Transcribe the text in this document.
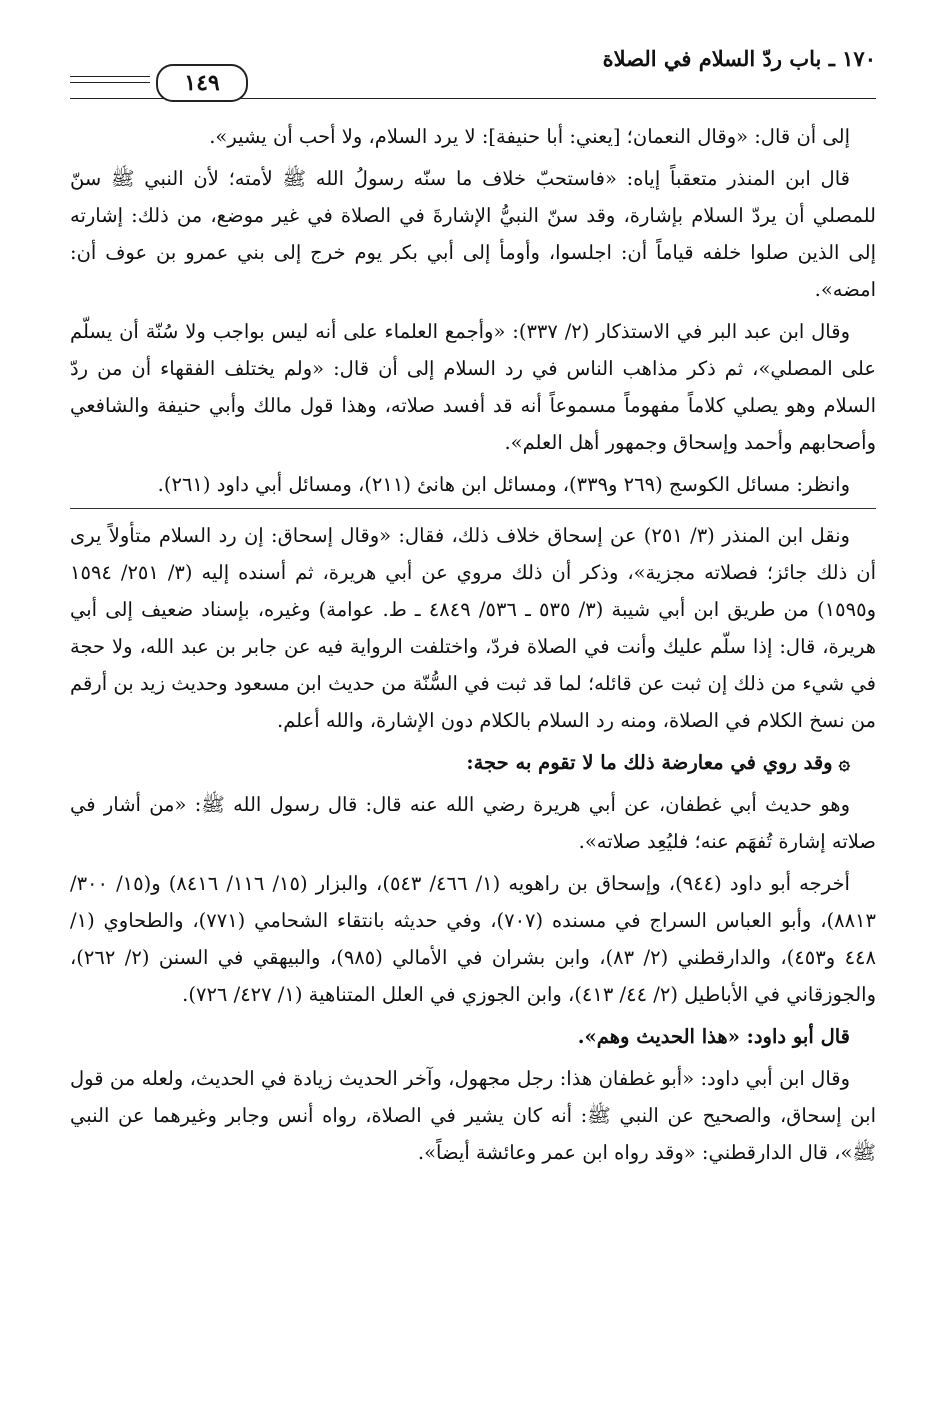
١٧٠ ـ باب ردّ السلام في الصلاة
١٤٩

إلى أن قال: «وقال النعمان؛ [يعني: أبا حنيفة]: لا يرد السلام، ولا أحب أن يشير».

قال ابن المنذر متعقباً إياه: «فاستحبّ خلاف ما سنّه رسولُ الله ﷺ لأمته؛ لأن النبي ﷺ سنّ للمصلي أن يردّ السلام بإشارة، وقد سنّ النبيُّ الإشارةَ في الصلاة في غير موضع، من ذلك: إشارته إلى الذين صلوا خلفه قياماً أن: اجلسوا، وأومأ إلى أبي بكر يوم خرج إلى بني عمرو بن عوف أن: امضه».

وقال ابن عبد البر في الاستذكار (٢/ ٣٣٧): «وأجمع العلماء على أنه ليس بواجب ولا سُنّة أن يسلّم على المصلي»، ثم ذكر مذاهب الناس في رد السلام إلى أن قال: «ولم يختلف الفقهاء أن من ردّ السلام وهو يصلي كلاماً مفهوماً مسموعاً أنه قد أفسد صلاته، وهذا قول مالك وأبي حنيفة والشافعي وأصحابهم وأحمد وإسحاق وجمهور أهل العلم».

وانظر: مسائل الكوسج (٢٦٩ و٣٣٩)، ومسائل ابن هانئ (٢١١)، ومسائل أبي داود (٢٦١).

ونقل ابن المنذر (٣/ ٢٥١) عن إسحاق خلاف ذلك، فقال: «وقال إسحاق: إن رد السلام متأولاً يرى أن ذلك جائز؛ فصلاته مجزية»، وذكر أن ذلك مروي عن أبي هريرة، ثم أسنده إليه (٣/ ٢٥١/ ١٥٩٤ و١٥٩٥) من طريق ابن أبي شيبة (٣/ ٥٣٥ ـ ٥٣٦/ ٤٨٤٩ ـ ط. عوامة) وغيره، بإسناد ضعيف إلى أبي هريرة، قال: إذا سلّم عليك وأنت في الصلاة فردّ، واختلفت الرواية فيه عن جابر بن عبد الله، ولا حجة في شيء من ذلك إن ثبت عن قائله؛ لما قد ثبت في السُّنّة من حديث ابن مسعود وحديث زيد بن أرقم من نسخ الكلام في الصلاة، ومنه رد السلام بالكلام دون الإشارة، والله أعلم.

۞وقد روي في معارضة ذلك ما لا تقوم به حجة:

وهو حديث أبي غطفان، عن أبي هريرة رضي الله عنه قال: قال رسول الله ﷺ: «من أشار في صلاته إشارة تُفهَم عنه؛ فليُعِد صلاته».

أخرجه أبو داود (٩٤٤)، وإسحاق بن راهويه (١/ ٤٦٦/ ٥٤٣)، والبزار (١٥/ ١١٦/ ٨٤١٦) و(١٥/ ٣٠٠/ ٨٨١٣)، وأبو العباس السراج في مسنده (٧٠٧)، وفي حديثه بانتقاء الشحامي (٧٧١)، والطحاوي (١/ ٤٤٨ و٤٥٣)، والدارقطني (٢/ ٨٣)، وابن بشران في الأمالي (٩٨٥)، والبيهقي في السنن (٢/ ٢٦٢)، والجوزقاني في الأباطيل (٢/ ٤٤/ ٤١٣)، وابن الجوزي في العلل المتناهية (١/ ٤٢٧/ ٧٢٦).

قال أبو داود: «هذا الحديث وهم».

وقال ابن أبي داود: «أبو غطفان هذا: رجل مجهول، وآخر الحديث زيادة في الحديث، ولعله من قول ابن إسحاق، والصحيح عن النبي ﷺ: أنه كان يشير في الصلاة، رواه أنس وجابر وغيرهما عن النبي ﷺ»، قال الدارقطني: «وقد رواه ابن عمر وعائشة أيضاً».
